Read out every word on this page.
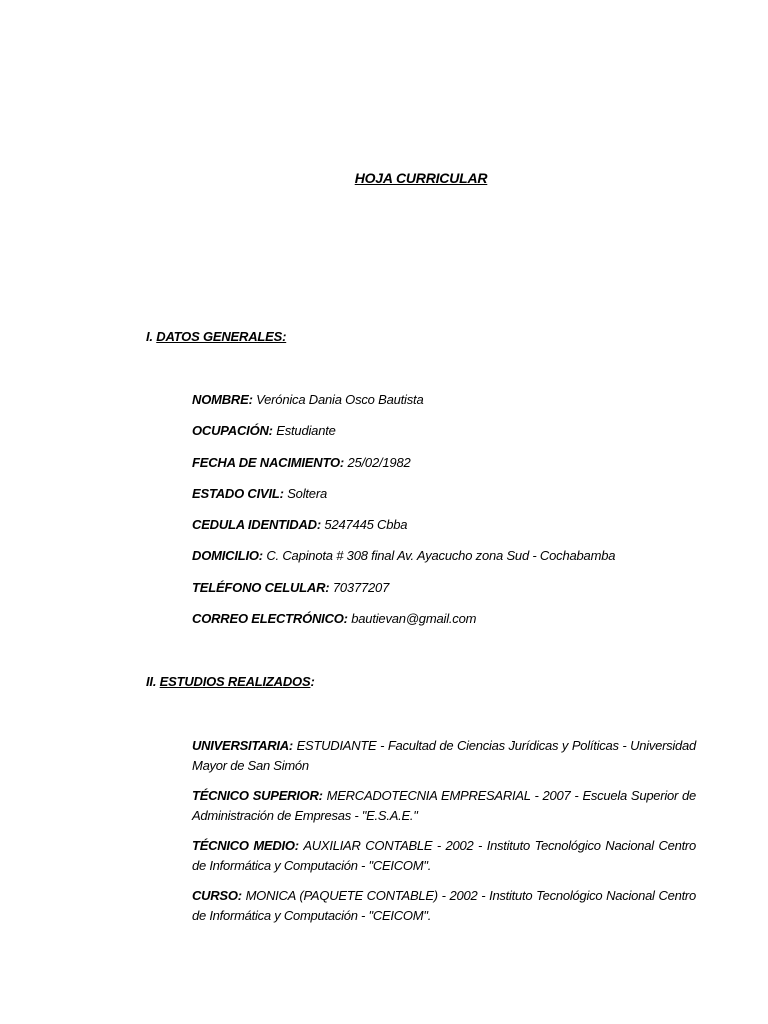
HOJA CURRICULAR
I. DATOS GENERALES:
NOMBRE: Verónica Dania Osco Bautista
OCUPACIÓN: Estudiante
FECHA DE NACIMIENTO: 25/02/1982
ESTADO CIVIL: Soltera
CEDULA IDENTIDAD: 5247445 Cbba
DOMICILIO: C. Capinota # 308 final Av. Ayacucho zona Sud - Cochabamba
TELÉFONO CELULAR: 70377207
CORREO ELECTRÓNICO: bautievan@gmail.com
II. ESTUDIOS REALIZADOS:
UNIVERSITARIA: ESTUDIANTE - Facultad de Ciencias Jurídicas y Políticas - Universidad Mayor de San Simón
TÉCNICO SUPERIOR: MERCADOTECNIA EMPRESARIAL - 2007 - Escuela Superior de Administración de Empresas - "E.S.A.E."
TÉCNICO MEDIO: AUXILIAR CONTABLE - 2002 - Instituto Tecnológico Nacional Centro de Informática y Computación - "CEICOM".
CURSO: MONICA (PAQUETE CONTABLE) - 2002 - Instituto Tecnológico Nacional Centro de Informática y Computación - "CEICOM".
